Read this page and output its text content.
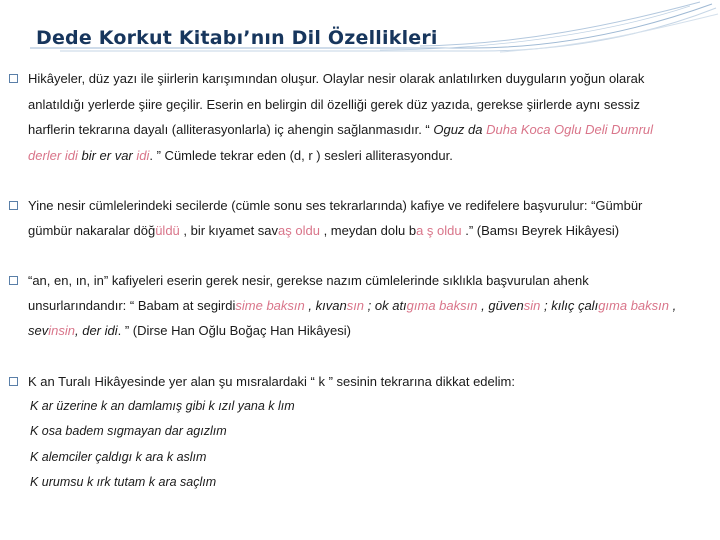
Dede Korkut Kitabı’nın Dil Özellikleri
Hikâyeler, düz yazı ile şiirlerin karışımından oluşur. Olaylar nesir olarak anlatılırken duyguların yoğun olarak
anlatıldığı yerlerde şiire geçilir. Eserin en belirgin dil özelliği gerek düz yazıda, gerekse şiirlerde aynı sessiz
harflerin tekrarına dayalı (alliterasyonlarla) iç ahengin sağlanmasıdır. “ Oguz da Duha Koca Oglu Deli Dumrul
derler idi bir er var idi. ” Cümlede tekrar eden (d, r ) sesleri alliterasyondur.
Yine nesir cümlelerindeki secilerde (cümle sonu ses tekrarlarında) kafiye ve redifelere başvurulur: “Gümbür
gümbür nakaralar döğüldü , bir kıyamet savaş oldu , meydan dolu ba ş oldu .” (Bamsı Beyrek Hikâyesi)
“an, en, ın, in” kafiyeleri eserin gerek nesir, gerekse nazım cümlelerinde sıklıkla başvurulan ahenk
unsurlarındandır: “ Babam at segirdisime baksın , kıvansın ; ok atıgıma baksın , güvensin ; kılıç çalıgıma baksın ,
sevinsin, der idi. ” (Dirse Han Oğlu Boğaç Han Hikâyesi)
K an Turalı Hikâyesinde yer alan şu mısralardaki “ k ” sesinin tekrarına dikkat edelim:
K ar üzerine k an damlamış gibi k ızıl yana k lım
K osa badem sıgmayan dar agızlım
K alemciler çaldıgı k ara k aslım
K urumsu k ırk tutam k ara saçlım
